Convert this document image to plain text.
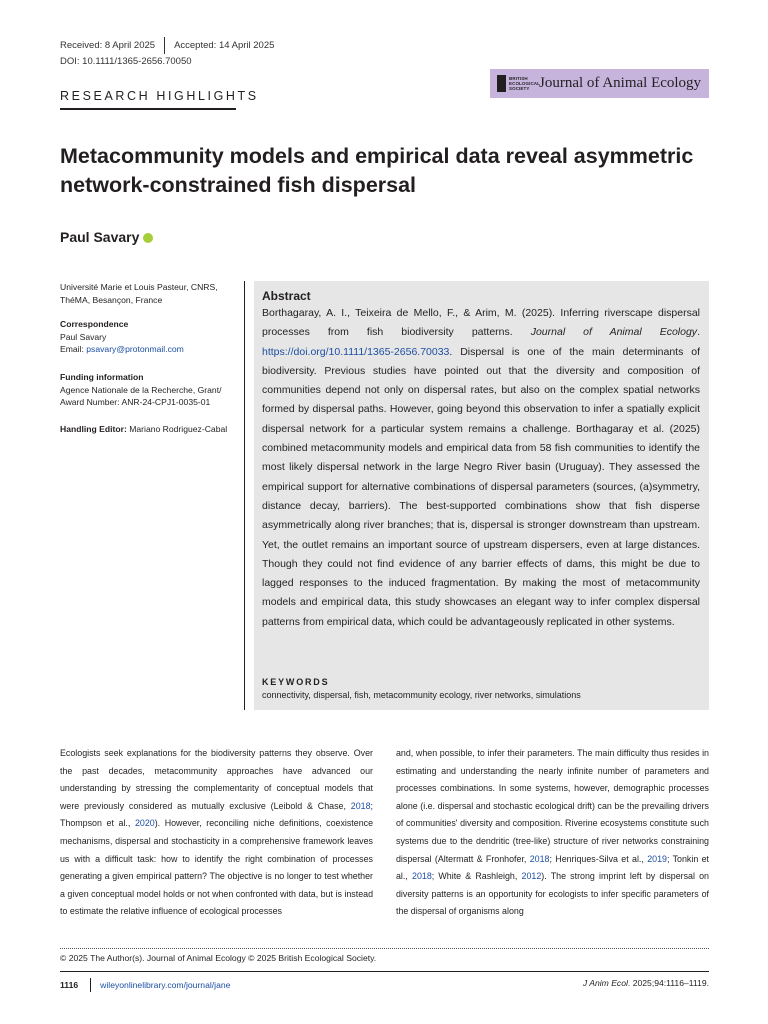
Received: 8 April 2025 Accepted: 14 April 2025
DOI: 10.1111/1365-2656.70050
BRITISH ECOLOGICAL SOCIETY Journal of Animal Ecology
RESEARCH HIGHLIGHTS
Metacommunity models and empirical data reveal asymmetric network-constrained fish dispersal
Paul Savary
Université Marie et Louis Pasteur, CNRS,
ThéMA, Besançon, France
Correspondence
Paul Savary
Email: psavary@protonmail.com
Funding information
Agence Nationale de la Recherche, Grant/
Award Number: ANR-24-CPJ1-0035-01
Handling Editor: Mariano Rodriguez-Cabal
Abstract
Borthagaray, A. I., Teixeira de Mello, F., & Arim, M. (2025). Inferring riverscape dispersal processes from fish biodiversity patterns. Journal of Animal Ecology. https://doi.org/10.1111/1365-2656.70033. Dispersal is one of the main determinants of biodiversity. Previous studies have pointed out that the diversity and composition of communities depend not only on dispersal rates, but also on the complex spatial networks formed by dispersal paths. However, going beyond this observation to infer a spatially explicit dispersal network for a particular system remains a challenge. Borthagaray et al. (2025) combined metacommunity models and empirical data from 58 fish communities to identify the most likely dispersal network in the large Negro River basin (Uruguay). They assessed the empirical support for alternative combinations of dispersal parameters (sources, (a)symmetry, distance decay, barriers). The best-supported combinations show that fish disperse asymmetrically along river branches; that is, dispersal is stronger downstream than upstream. Yet, the outlet remains an important source of upstream dispersers, even at large distances. Though they could not find evidence of any barrier effects of dams, this might be due to lagged responses to the induced fragmentation. By making the most of metacommunity models and empirical data, this study showcases an elegant way to infer complex dispersal patterns from empirical data, which could be advantageously replicated in other systems.
KEYWORDS
connectivity, dispersal, fish, metacommunity ecology, river networks, simulations
Ecologists seek explanations for the biodiversity patterns they observe. Over the past decades, metacommunity approaches have advanced our understanding by stressing the complementarity of conceptual models that were previously considered as mutually exclusive (Leibold & Chase, 2018; Thompson et al., 2020). However, reconciling niche definitions, coexistence mechanisms, dispersal and stochasticity in a comprehensive framework leaves us with a difficult task: how to identify the right combination of processes generating a given empirical pattern? The objective is no longer to test whether a given conceptual model holds or not when confronted with data, but is instead to estimate the relative influence of ecological processes
and, when possible, to infer their parameters. The main difficulty thus resides in estimating and understanding the nearly infinite number of parameters and processes combinations. In some systems, however, demographic processes alone (i.e. dispersal and stochastic ecological drift) can be the prevailing drivers of communities' diversity and composition. Riverine ecosystems constitute such systems due to the dendritic (tree-like) structure of river networks constraining dispersal (Altermatt & Fronhofer, 2018; Henriques-Silva et al., 2019; Tonkin et al., 2018; White & Rashleigh, 2012). The strong imprint left by dispersal on diversity patterns is an opportunity for ecologists to infer specific parameters of the dispersal of organisms along
© 2025 The Author(s). Journal of Animal Ecology © 2025 British Ecological Society.
1116	wileyonlinelibrary.com/journal/jane	J Anim Ecol. 2025;94:1116–1119.
